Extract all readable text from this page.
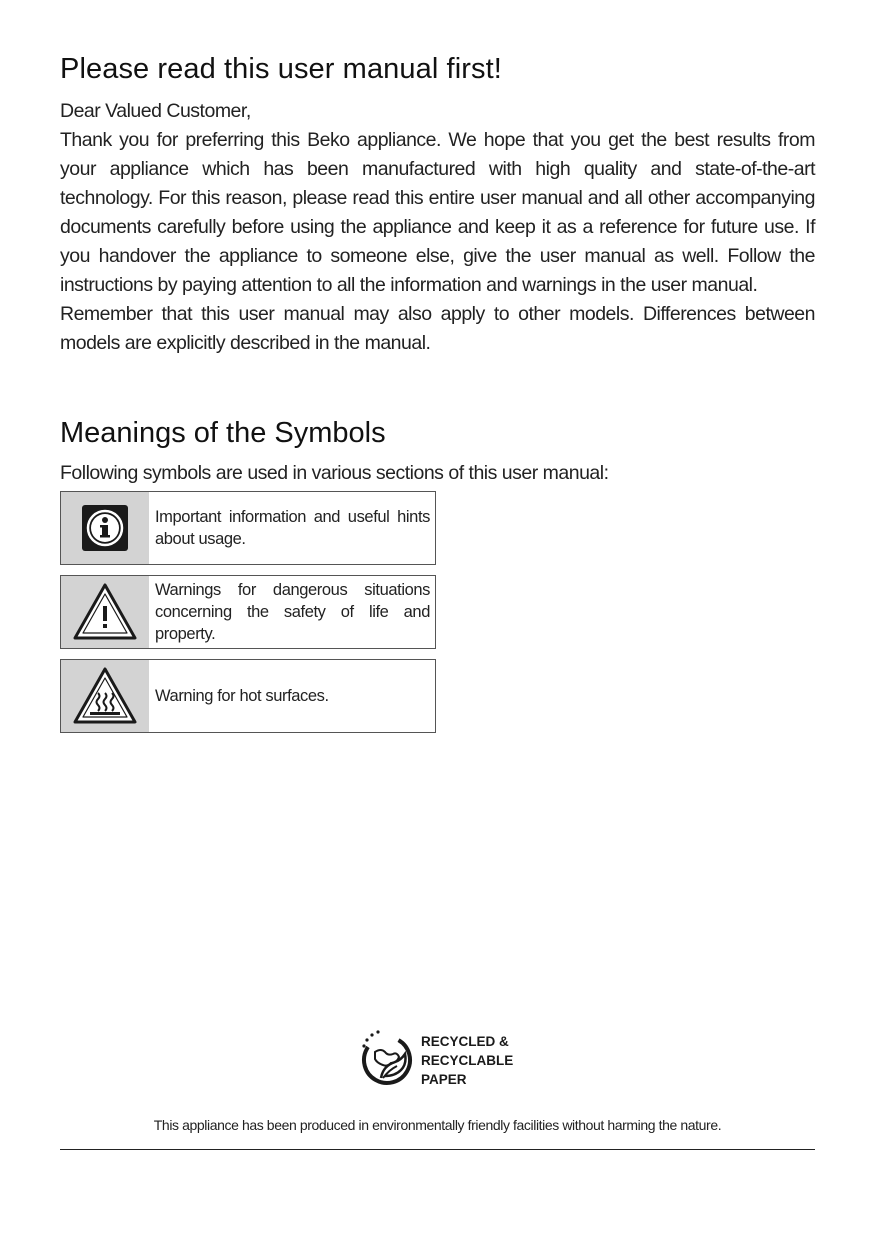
Please read this user manual first!

Dear Valued Customer,

Thank you for preferring this Beko appliance. We hope that you get the best results from your appliance which has been manufactured with high quality and state-of-the-art technology. For this reason, please read this entire user manual and all other accompanying documents carefully before using the appliance and keep it as a reference for future use. If you handover the appliance to someone else, give the user manual as well. Follow the instructions by paying attention to all the information and warnings in the user manual.

Remember that this user manual may also apply to other models. Differences between models are explicitly described in the manual.

Meanings of the Symbols
Following symbols are used in various sections of this user manual:
Important information and useful hints about usage.
Warnings for dangerous situations concerning the safety of life and property.
Warning for hot surfaces.
RECYCLED &
RECYCLABLE
PAPER
This appliance has been produced in environmentally friendly facilities without harming the nature.
